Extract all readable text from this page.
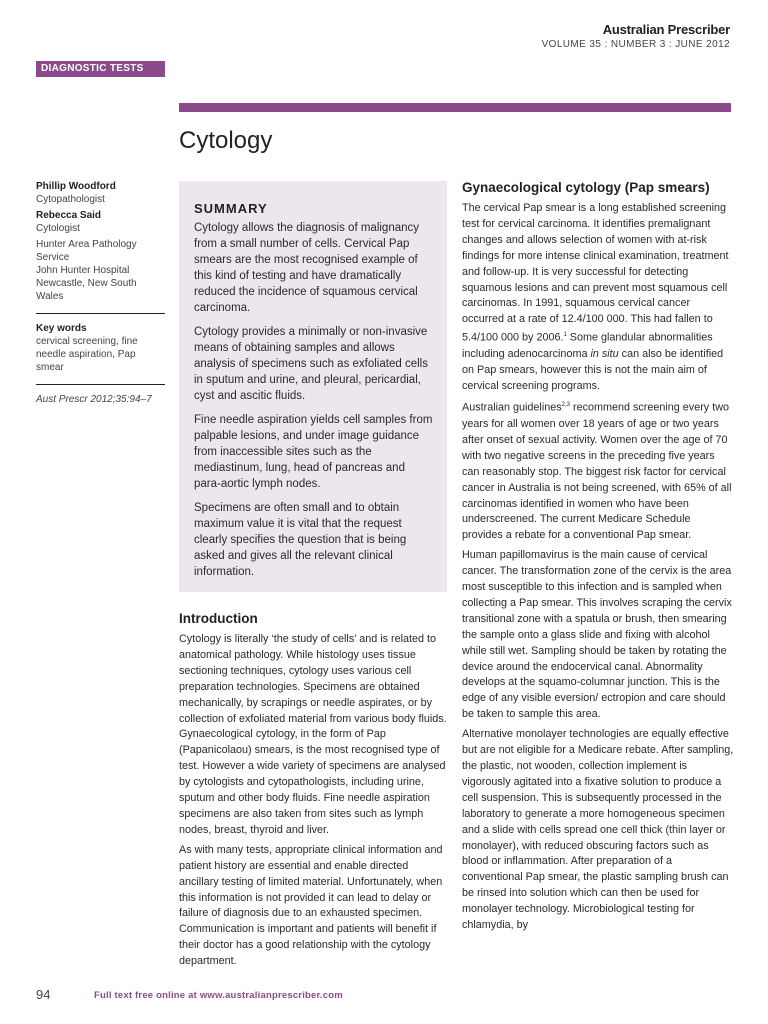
Australian Prescriber
VOLUME 35 : NUMBER 3 : JUNE 2012
DIAGNOSTIC TESTS
Cytology
Phillip Woodford
Cytopathologist
Rebecca Said
Cytologist
Hunter Area Pathology Service
John Hunter Hospital
Newcastle, New South Wales
Key words
cervical screening, fine needle aspiration, Pap smear
Aust Prescr 2012;35:94–7
SUMMARY

Cytology allows the diagnosis of malignancy from a small number of cells. Cervical Pap smears are the most recognised example of this kind of testing and have dramatically reduced the incidence of squamous cervical carcinoma.

Cytology provides a minimally or non-invasive means of obtaining samples and allows analysis of specimens such as exfoliated cells in sputum and urine, and pleural, pericardial, cyst and ascitic fluids.

Fine needle aspiration yields cell samples from palpable lesions, and under image guidance from inaccessible sites such as the mediastinum, lung, head of pancreas and para-aortic lymph nodes.

Specimens are often small and to obtain maximum value it is vital that the request clearly specifies the question that is being asked and gives all the relevant clinical information.

Introduction

Cytology is literally ‘the study of cells’ and is related to anatomical pathology. While histology uses tissue sectioning techniques, cytology uses various cell preparation technologies. Specimens are obtained mechanically, by scrapings or needle aspirates, or by collection of exfoliated material from various body fluids. Gynaecological cytology, in the form of Pap (Papanicolaou) smears, is the most recognised type of test. However a wide variety of specimens are analysed by cytologists and cytopathologists, including urine, sputum and other body fluids. Fine needle aspiration specimens are also taken from sites such as lymph nodes, breast, thyroid and liver.

As with many tests, appropriate clinical information and patient history are essential and enable directed ancillary testing of limited material. Unfortunately, when this information is not provided it can lead to delay or failure of diagnosis due to an exhausted specimen. Communication is important and patients will benefit if their doctor has a good relationship with the cytology department.

Gynaecological cytology (Pap smears)

The cervical Pap smear is a long established screening test for cervical carcinoma. It identifies premalignant changes and allows selection of women with at-risk findings for more intense clinical examination, treatment and follow-up. It is very successful for detecting squamous lesions and can prevent most squamous cell carcinomas. In 1991, squamous cervical cancer occurred at a rate of 12.4/100 000. This had fallen to 5.4/100 000 by 2006.$^1$ Some glandular abnormalities including adenocarcinoma in situ can also be identified on Pap smears, however this is not the main aim of cervical screening programs.

Australian guidelines$^{2,3}$ recommend screening every two years for all women over 18 years of age or two years after onset of sexual activity. Women over the age of 70 with two negative screens in the preceding five years can reasonably stop. The biggest risk factor for cervical cancer in Australia is not being screened, with 65% of all carcinomas identified in women who have been underscreened. The current Medicare Schedule provides a rebate for a conventional Pap smear.

Human papillomavirus is the main cause of cervical cancer. The transformation zone of the cervix is the area most susceptible to this infection and is sampled when collecting a Pap smear. This involves scraping the cervix transitional zone with a spatula or brush, then smearing the sample onto a glass slide and fixing with alcohol while still wet. Sampling should be taken by rotating the device around the endocervical canal. Abnormality develops at the squamo-columnar junction. This is the edge of any visible eversion/ ectropion and care should be taken to sample this area.

Alternative monolayer technologies are equally effective but are not eligible for a Medicare rebate. After sampling, the plastic, not wooden, collection implement is vigorously agitated into a fixative solution to produce a cell suspension. This is subsequently processed in the laboratory to generate a more homogeneous specimen and a slide with cells spread one cell thick (thin layer or monolayer), with reduced obscuring factors such as blood or inflammation. After preparation of a conventional Pap smear, the plastic sampling brush can be rinsed into solution which can then be used for monolayer technology. Microbiological testing for chlamydia, by

94	Full text free online at www.australianprescriber.com
